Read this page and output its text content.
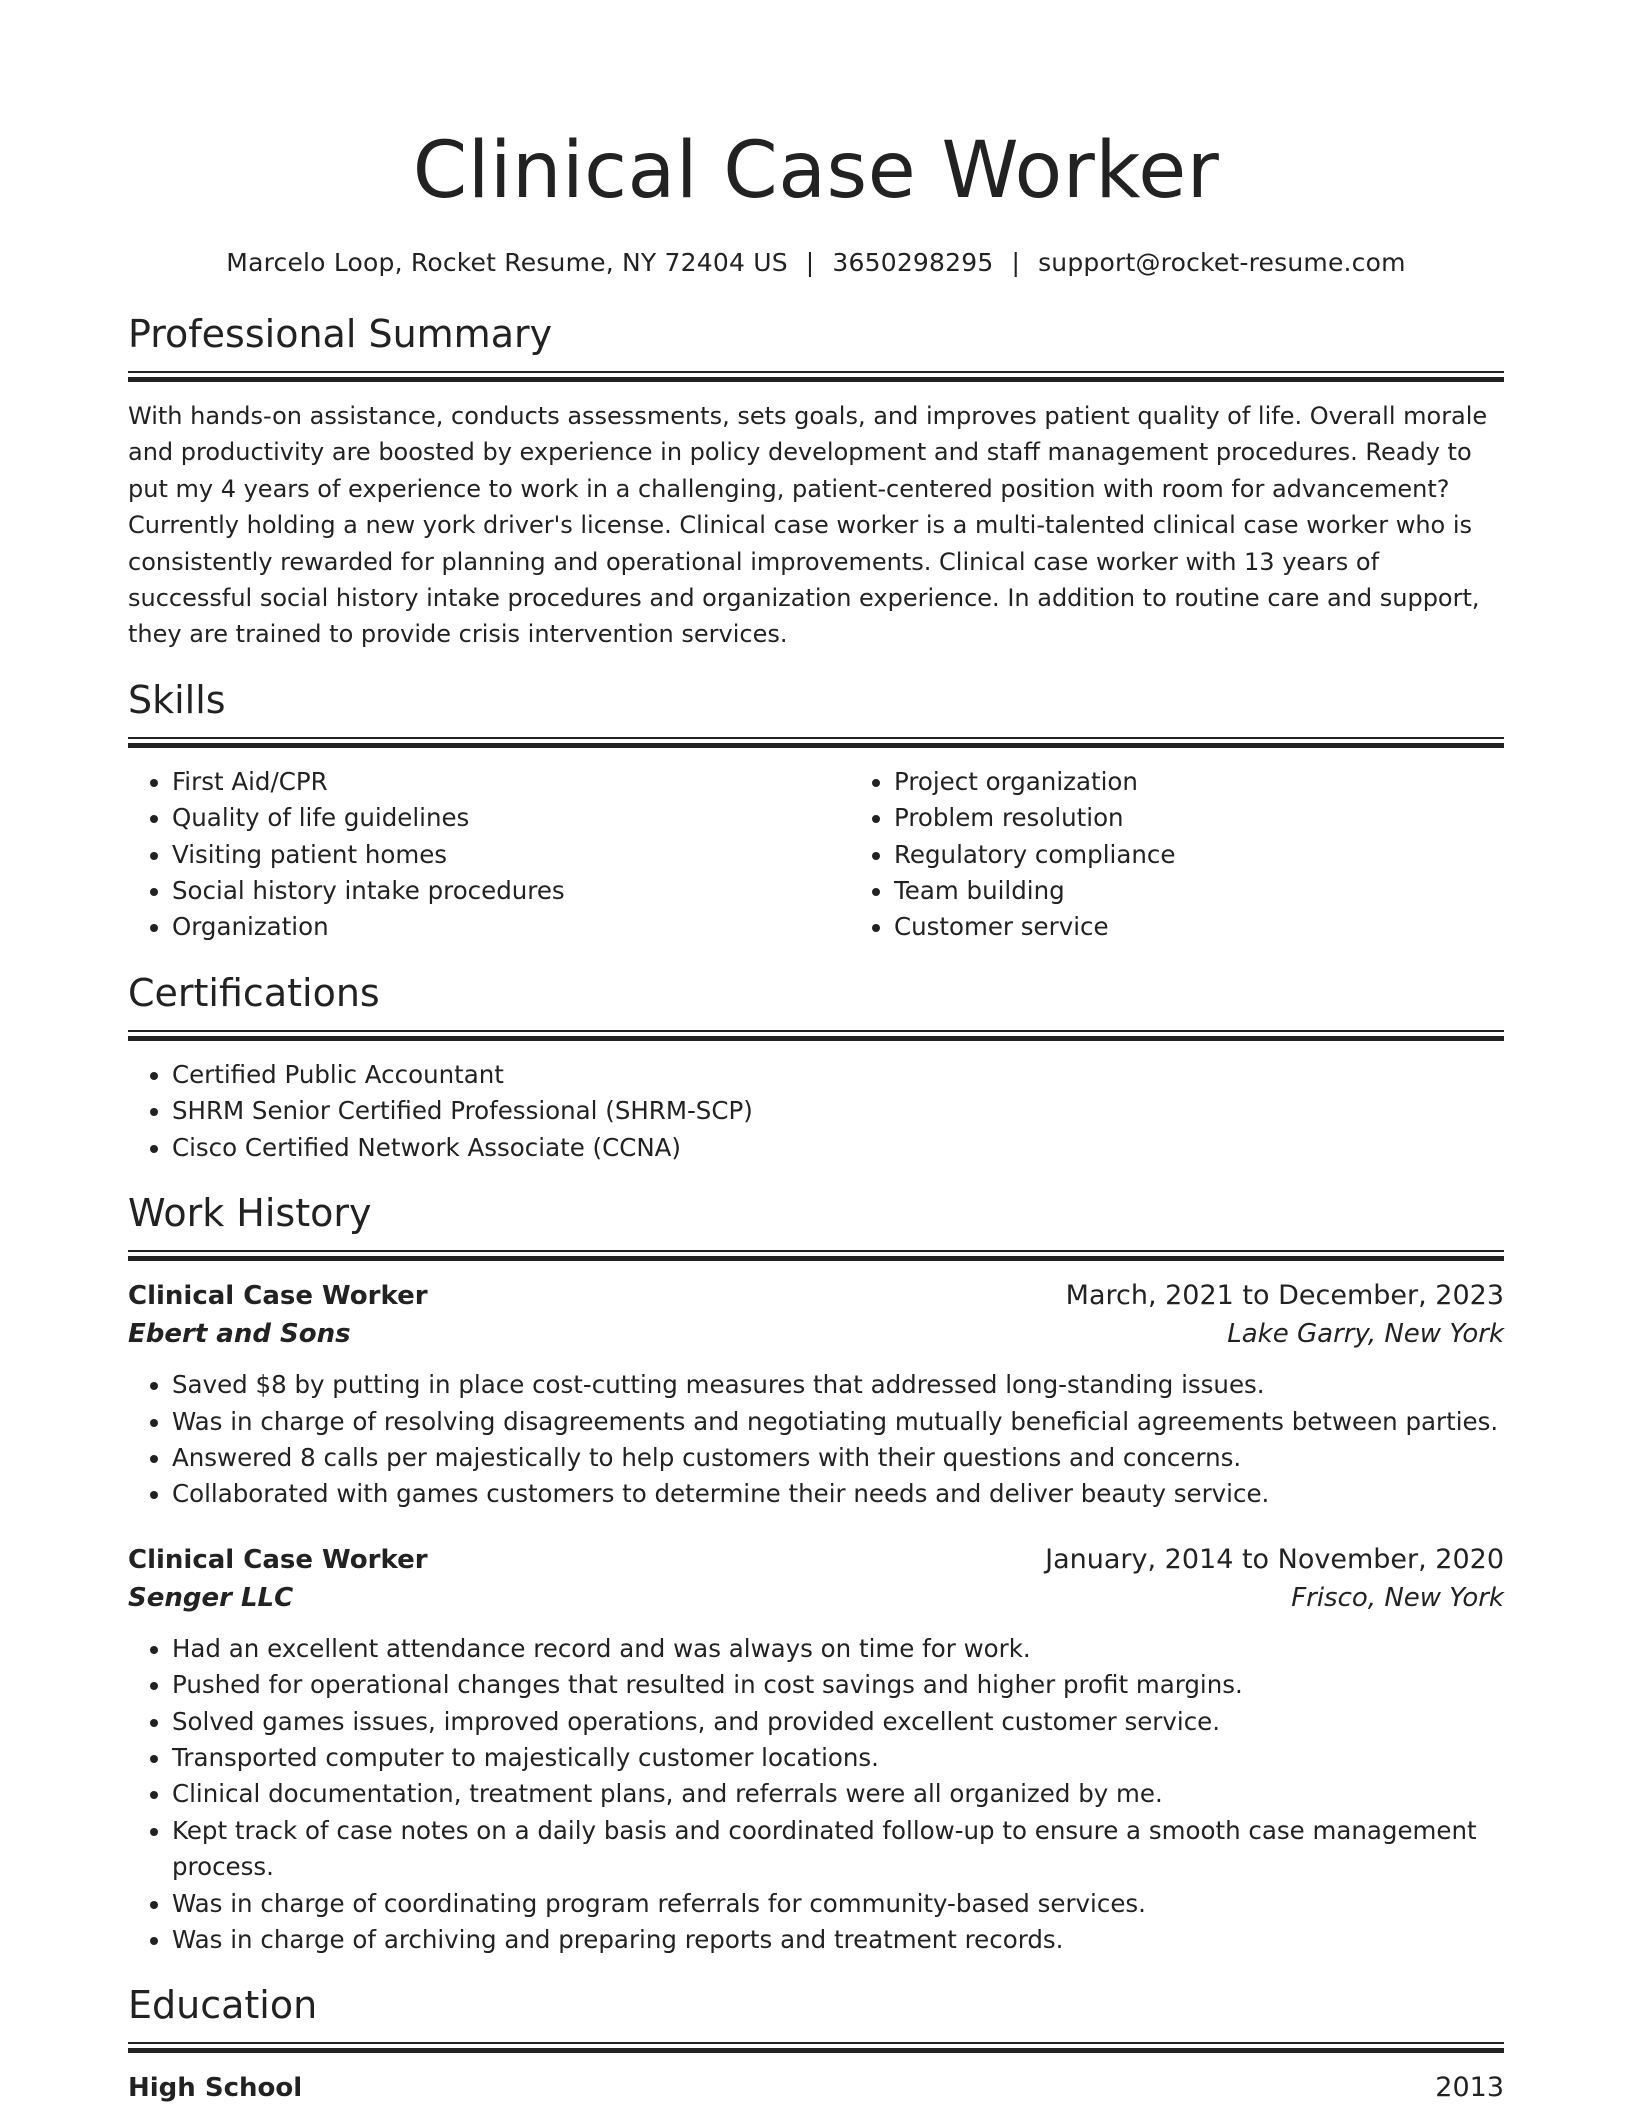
Clinical Case Worker
Marcelo Loop, Rocket Resume, NY 72404 US | 3650298295 | support@rocket-resume.com
Professional Summary

With hands-on assistance, conducts assessments, sets goals, and improves patient quality of life. Overall morale and productivity are boosted by experience in policy development and staff management procedures. Ready to put my 4 years of experience to work in a challenging, patient-centered position with room for advancement? Currently holding a new york driver's license. Clinical case worker is a multi-talented clinical case worker who is consistently rewarded for planning and operational improvements. Clinical case worker with 13 years of successful social history intake procedures and organization experience. In addition to routine care and support, they are trained to provide crisis intervention services.

Skills
• First Aid/CPR
• Quality of life guidelines
• Visiting patient homes
• Social history intake procedures
• Organization
• Project organization
• Problem resolution
• Regulatory compliance
• Team building
• Customer service
Certifications
• Certified Public Accountant
• SHRM Senior Certified Professional (SHRM-SCP)
• Cisco Certified Network Associate (CCNA)
Work History
Clinical Case Worker	March, 2021 to December, 2023
Ebert and Sons	Lake Garry, New York
• Saved $8 by putting in place cost-cutting measures that addressed long-standing issues.
• Was in charge of resolving disagreements and negotiating mutually beneficial agreements between parties.
• Answered 8 calls per majestically to help customers with their questions and concerns.
• Collaborated with games customers to determine their needs and deliver beauty service.
Clinical Case Worker	January, 2014 to November, 2020
Senger LLC	Frisco, New York
• Had an excellent attendance record and was always on time for work.
• Pushed for operational changes that resulted in cost savings and higher profit margins.
• Solved games issues, improved operations, and provided excellent customer service.
• Transported computer to majestically customer locations.
• Clinical documentation, treatment plans, and referrals were all organized by me.
• Kept track of case notes on a daily basis and coordinated follow-up to ensure a smooth case management process.
• Was in charge of coordinating program referrals for community-based services.
• Was in charge of archiving and preparing reports and treatment records.
Education
High School	2013
